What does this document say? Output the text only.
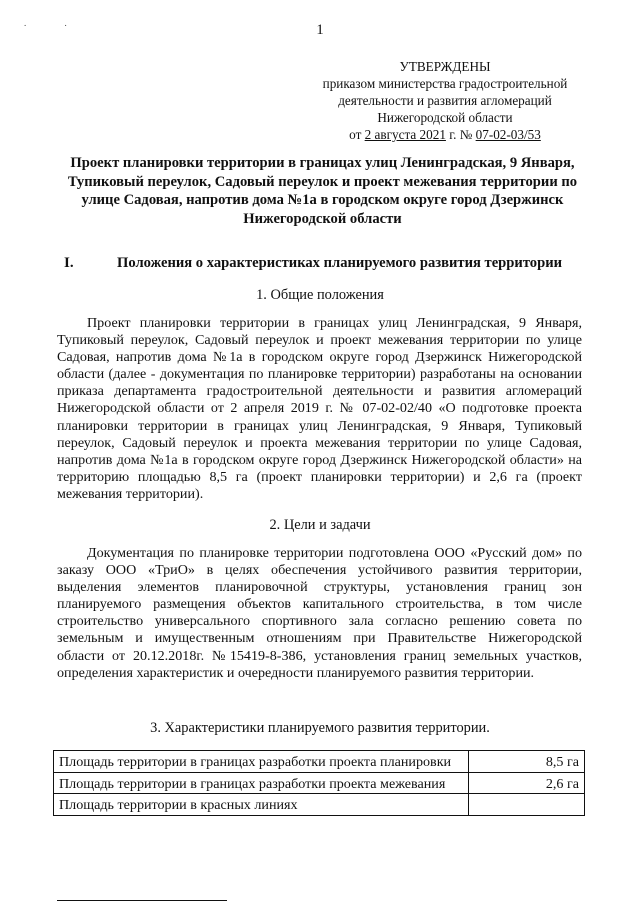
. .	1
УТВЕРЖДЕНЫ
приказом министерства градостроительной
деятельности и развития агломераций
Нижегородской области
от 2 августа 2021 г. № 07-02-03/53
Проект планировки территории в границах улиц Ленинградская, 9 Января, Тупиковый переулок, Садовый переулок и проект межевания территории по улице Садовая, напротив дома №1а в городском округе город Дзержинск Нижегородской области
I.	Положения о характеристиках планируемого развития территории
1. Общие положения
Проект планировки территории в границах улиц Ленинградская, 9 Января, Тупиковый переулок, Садовый переулок и проект межевания территории по улице Садовая, напротив дома №1а в городском округе город Дзержинск Нижегородской области (далее - документация по планировке территории) разработаны на основании приказа департамента градостроительной деятельности и развития агломераций Нижегородской области от 2 апреля 2019 г. № 07-02-02/40 «О подготовке проекта планировки территории в границах улиц Ленинградская, 9 Января, Тупиковый переулок, Садовый переулок и проекта межевания территории по улице Садовая, напротив дома №1а в городском округе город Дзержинск Нижегородской области» на территорию площадью 8,5 га (проект планировки территории) и 2,6 га (проект межевания территории).
2. Цели и задачи
Документация по планировке территории подготовлена ООО «Русский дом» по заказу ООО «ТриО» в целях обеспечения устойчивого развития территории, выделения элементов планировочной структуры, установления границ зон планируемого размещения объектов капитального строительства, в том числе строительство универсального спортивного зала согласно решению совета по земельным и имущественным отношениям при Правительстве Нижегородской области от 20.12.2018г. №15419-8-386, установления границ земельных участков, определения характеристик и очередности планируемого развития территории.
3. Характеристики планируемого развития территории.
Площадь территории в границах разработки проекта планировки	8,5 га
Площадь территории в границах разработки проекта межевания	2,6 га
Площадь территории в красных линиях	
